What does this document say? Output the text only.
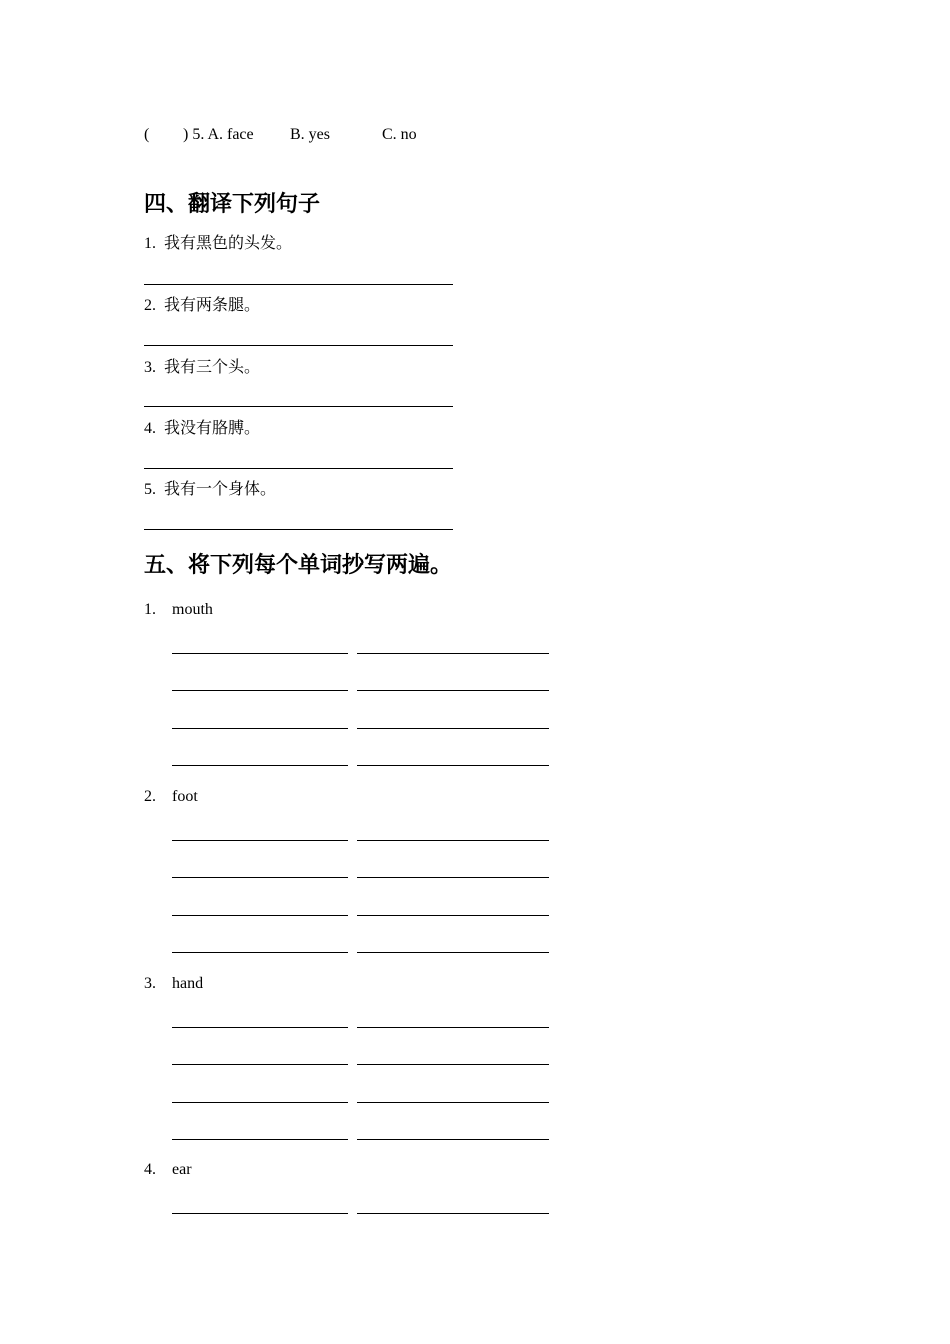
( ) 5. A. face B. yes	C. no
四、翻译下列句子
1. 我有黑色的头发。
2. 我有两条腿。
3. 我有三个头。
4. 我没有胳膊。
5. 我有一个身体。
五、将下列每个单词抄写两遍。
1. mouth
2. foot
3. hand
4. ear
